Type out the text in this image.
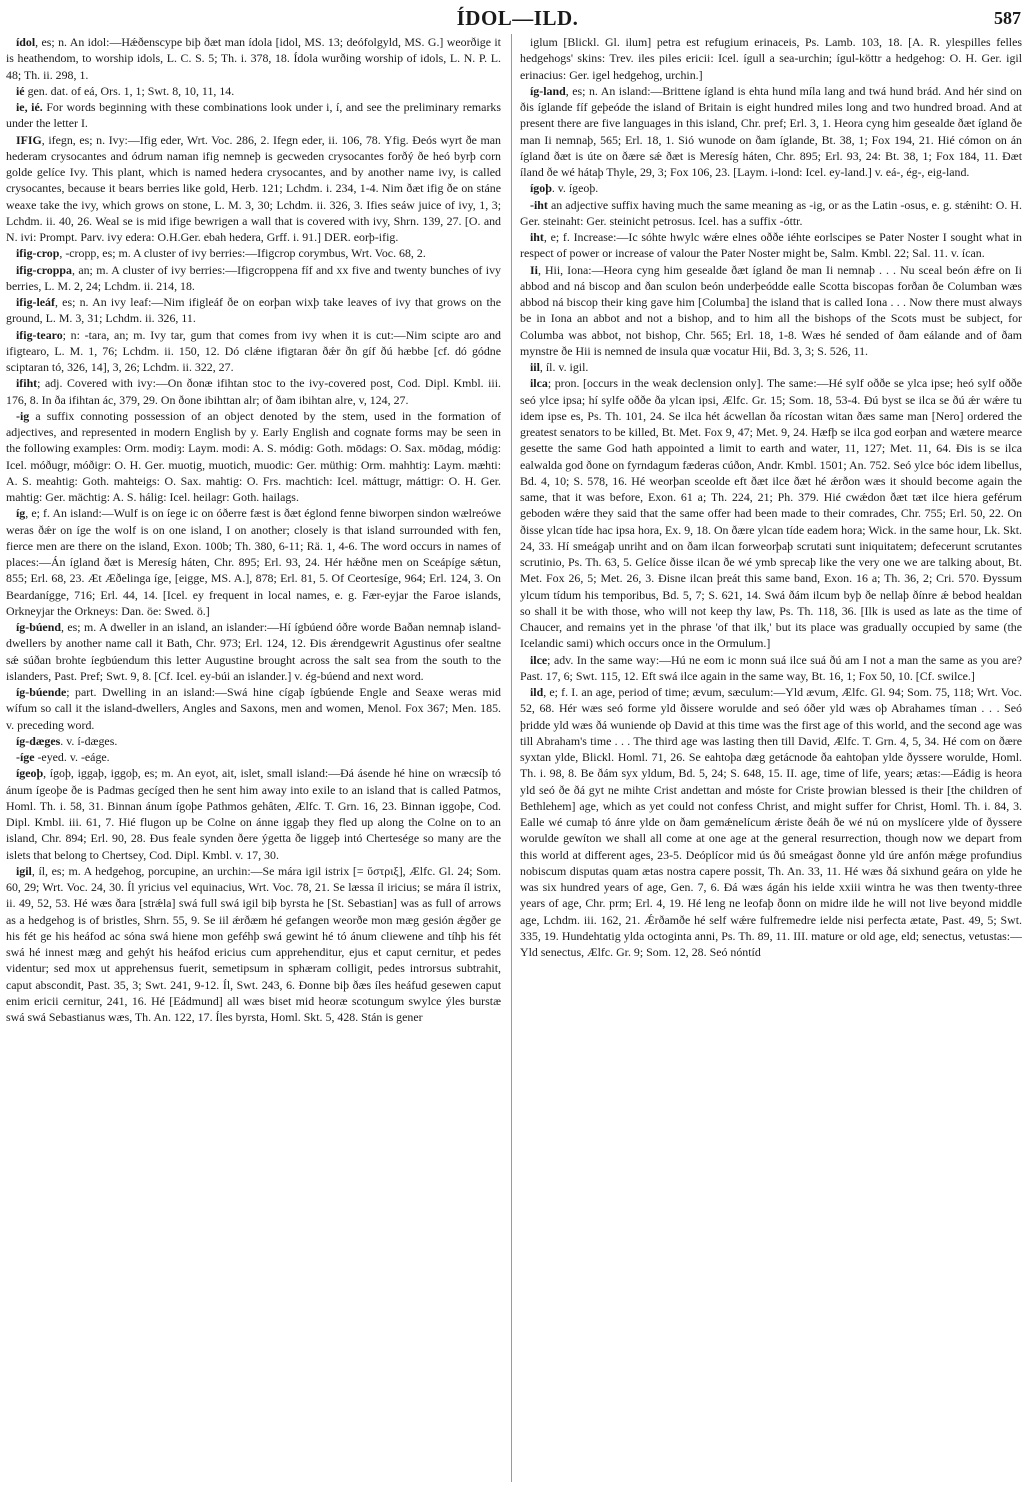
ÍDOL—ILD.	587

ídol, es; n. An idol:—Hǽðenscype biþ ðæt man ídola [idol, MS. 13; deófolgyld, MS. G.] weorðige it is heathendom, to worship idols, L. C. S. 5; Th. i. 378, 18. Ídola wurðing worship of idols, L. N. P. L. 48; Th. ii. 298, 1.

ié gen. dat. of eá, Ors. 1, 1; Swt. 8, 10, 11, 14.

ie, ié. For words beginning with these combinations look under i, í, and see the preliminary remarks under the letter I.

IFIG, ifegn, es; n. Ivy:—Ifig eder, Wrt. Voc. 286, 2. Ifegn eder, ii. 106, 78. Yfig. Ðeós wyrt ðe man hederam crysocantes and ódrum naman ifig nemneþ is gecweden crysocantes forðý ðe heó byrþ corn golde gelíce Ivy. This plant, which is named hedera crysocantes, and by another name ivy, is called crysocantes, because it bears berries like gold, Herb. 121; Lchdm. i. 234, 1-4. Nim ðæt ifig ðe on stáne weaxe take the ivy, which grows on stone, L. M. 3, 30; Lchdm. ii. 326, 3. Ifies seáw juice of ivy, 1, 3; Lchdm. ii. 40, 26. Weal se is mid ifige bewrigen a wall that is covered with ivy, Shrn. 139, 27. [O. and N. ivi: Prompt. Parv. ivy edera: O.H.Ger. ebah hedera, Grff. i. 91.] DER. eorþ-ifig.

ifig-crop, -cropp, es; m. A cluster of ivy berries:—Ifigcrop corymbus, Wrt. Voc. 68, 2.

ifig-croppa, an; m. A cluster of ivy berries:—Ifigcroppena fíf and xx five and twenty bunches of ivy berries, L. M. 2, 24; Lchdm. ii. 214, 18.

ifig-leáf, es; n. An ivy leaf:—Nim ifigleáf ðe on eorþan wixþ take leaves of ivy that grows on the ground, L. M. 3, 31; Lchdm. ii. 326, 11.

ifig-tearo; n: -tara, an; m. Ivy tar, gum that comes from ivy when it is cut:—Nim scipte aro and ifigtearo, L. M. 1, 76; Lchdm. ii. 150, 12. Dó clǽne ifigtaran ðǽr ðn gíf ðú hæbbe [cf. dó gódne sciptaran tó, 326, 14], 3, 26; Lchdm. ii. 322, 27.

ifiht; adj. Covered with ivy:—On ðonæ ifihtan stoc to the ivy-covered post, Cod. Dipl. Kmbl. iii. 176, 8. In ða ifihtan ác, 379, 29. On ðone ibihttan alr; of ðam ibihtan alre, v, 124, 27.

-ig a suffix connoting possession of an object denoted by the stem, used in the formation of adjectives, and represented in modern English by y. Early English and cognate forms may be seen in the following examples: Orm. modiȝ: Laym. modi: A. S. módig: Goth. mōdags: O. Sax. mōdag, módig: Icel. móðugr, móðigr: O. H. Ger. muotig, muotich, muodic: Ger. müthig: Orm. mahhtiȝ: Laym. mæhti: A. S. meahtig: Goth. mahteigs: O. Sax. mahtig: O. Frs. machtich: Icel. máttugr, máttigr: O. H. Ger. mahtig: Ger. mächtig: A. S. hálig: Icel. heilagr: Goth. hailags.

íg, e; f. An island:—Wulf is on íege ic on óðerre fæst is ðæt églond fenne biworpen sindon wælreówe weras ðǽr on íge the wolf is on one island, I on another; closely is that island surrounded with fen, fierce men are there on the island, Exon. 100b; Th. 380, 6-11; Rä. 1, 4-6. The word occurs in names of places:—Án ígland ðæt is Meresíg háten, Chr. 895; Erl. 93, 24. Hér hǽðne men on Sceápíge sǽtun, 855; Erl. 68, 23. Æt Æðelinga íge, [eigge, MS. A.], 878; Erl. 81, 5. Of Ceortesíge, 964; Erl. 124, 3. On Beardanígge, 716; Erl. 44, 14. [Icel. ey frequent in local names, e. g. Fær-eyjar the Faroe islands, Orkneyjar the Orkneys: Dan. öe: Swed. ö.]

íg-búend, es; m. A dweller in an island, an islander:—Hí ígbúend óðre worde Baðan nemnaþ island-dwellers by another name call it Bath, Chr. 973; Erl. 124, 12. Ðis ǽrendgewrit Agustinus ofer sealtne sǽ súðan brohte íegbúendum this letter Augustine brought across the salt sea from the south to the islanders, Past. Pref; Swt. 9, 8. [Cf. Icel. ey-búi an islander.] v. ég-búend and next word.

íg-búende; part. Dwelling in an island:—Swá hine cígaþ ígbúende Engle and Seaxe weras mid wífum so call it the island-dwellers, Angles and Saxons, men and women, Menol. Fox 367; Men. 185. v. preceding word.

íg-dæges. v. í-dæges.

-íge -eyed. v. -eáge.

ígeoþ, ígoþ, iggaþ, iggoþ, es; m. An eyot, ait, islet, small island:—Ðá ásende hé hine on wræcsíþ tó ánum ígeoþe ðe is Padmas gecíged then he sent him away into exile to an island that is called Patmos, Homl. Th. i. 58, 31. Binnan ánum ígoþe Pathmos gehâten, Ælfc. T. Grn. 16, 23. Binnan iggoþe, Cod. Dipl. Kmbl. iii. 61, 7. Hié flugon up be Colne on ánne iggaþ they fled up along the Colne on to an island, Chr. 894; Erl. 90, 28. Ðus feale synden ðere ýgetta ðe liggeþ intó Chertesége so many are the islets that belong to Chertsey, Cod. Dipl. Kmbl. v. 17, 30.

igil, íl, es; m. A hedgehog, porcupine, an urchin:—Se mára igil istrix [= ὕστριξ], Ælfc. Gl. 24; Som. 60, 29; Wrt. Voc. 24, 30. Íl yricius vel equinacius, Wrt. Voc. 78, 21. Se læssa íl iricius; se mára íl istrix, ii. 49, 52, 53. Hé wæs ðara [strǽla] swá full swá igil biþ byrsta he [St. Sebastian] was as full of arrows as a hedgehog is of bristles, Shrn. 55, 9. Se iil ǽrðæm hé gefangen weorðe mon mæg gesión ǽgðer ge his fét ge his heáfod ac sóna swá hiene mon geféhþ swá gewint hé tó ánum cliewene and tíhþ his fét swá hé innest mæg and gehýt his heáfod ericius cum apprehenditur, ejus et caput cernitur, et pedes videntur; sed mox ut apprehensus fuerit, semetipsum in sphæram colligit, pedes introrsus subtrahit, caput abscondit, Past. 35, 3; Swt. 241, 9-12. Íl, Swt. 243, 6. Ðonne biþ ðæs íles heáfud gesewen caput enim ericii cernitur, 241, 16. Hé [Eádmund] all wæs biset mid heoræ scotungum swylce ýles burstæ swá swá Sebastianus wæs, Th. An. 122, 17. Íles byrsta, Homl. Skt. 5, 428. Stán is gener

iglum [Blickl. Gl. ilum] petra est refugium erinaceis, Ps. Lamb. 103, 18. [A. R. ylespilles felles hedgehogs' skins: Trev. iles piles ericii: Icel. ígull a sea-urchin; ígul-köttr a hedgehog: O. H. Ger. igil erinacius: Ger. igel hedgehog, urchin.]

íg-land, es; n. An island:—Brittene ígland is ehta hund míla lang and twá hund brád. And hér sind on ðis íglande fíf geþeóde the island of Britain is eight hundred miles long and two hundred broad. And at present there are five languages in this island, Chr. pref; Erl. 3, 1. Heora cyng him gesealde ðæt ígland ðe man Ii nemnaþ, 565; Erl. 18, 1. Sió wunode on ðam íglande, Bt. 38, 1; Fox 194, 21. Hié cómon on án ígland ðæt is úte on ðære sǽ ðæt is Meresíg háten, Chr. 895; Erl. 93, 24: Bt. 38, 1; Fox 184, 11. Ðæt íland ðe wé hátaþ Thyle, 29, 3; Fox 106, 23. [Laym. i-lond: Icel. ey-land.] v. eá-, ég-, eig-land.

ígoþ. v. ígeoþ.

-iht an adjective suffix having much the same meaning as -ig, or as the Latin -osus, e. g. stǽniht: O. H. Ger. steinaht: Ger. steinicht petrosus. Icel. has a suffix -óttr.

iht, e; f. Increase:—Ic sóhte hwylc wǽre elnes oððe iéhte eorlscipes se Pater Noster I sought what in respect of power or increase of valour the Pater Noster might be, Salm. Kmbl. 22; Sal. 11. v. ícan.

Ii, Hii, Iona:—Heora cyng him gesealde ðæt ígland ðe man Ii nemnaþ . . . Nu sceal beón ǽfre on Ii abbod and ná biscop and ðan sculon beón underþeódde ealle Scotta biscopas forðan ðe Columban wæs abbod ná biscop their king gave him [Columba] the island that is called Iona . . . Now there must always be in Iona an abbot and not a bishop, and to him all the bishops of the Scots must be subject, for Columba was abbot, not bishop, Chr. 565; Erl. 18, 1-8. Wæs hé sended of ðam eálande and of ðam mynstre ðe Hii is nemned de insula quæ vocatur Hii, Bd. 3, 3; S. 526, 11.

iil, íl. v. igil.

ilca; pron. [occurs in the weak declension only]. The same:—Hé sylf oððe se ylca ipse; heó sylf oððe seó ylce ipsa; hí sylfe oððe ða ylcan ipsi, Ælfc. Gr. 15; Som. 18, 53-4. Ðú byst se ilca se ðú ǽr wǽre tu idem ipse es, Ps. Th. 101, 24. Se ilca hét ácwellan ða rícostan witan ðæs same man [Nero] ordered the greatest senators to be killed, Bt. Met. Fox 9, 47; Met. 9, 24. Hæfþ se ilca god eorþan and wætere mearce gesette the same God hath appointed a limit to earth and water, 11, 127; Met. 11, 64. Ðis is se ilca ealwalda god ðone on fyrndagum fæderas cúðon, Andr. Kmbl. 1501; An. 752. Seó ylce bóc idem libellus, Bd. 4, 10; S. 578, 16. Hé weorþan sceolde eft ðæt ilce ðæt hé ǽrðon wæs it should become again the same, that it was before, Exon. 61 a; Th. 224, 21; Ph. 379. Hié cwǽdon ðæt tæt ilce hiera geférum geboden wǽre they said that the same offer had been made to their comrades, Chr. 755; Erl. 50, 22. On ðisse ylcan tíde hac ipsa hora, Ex. 9, 18. On ðære ylcan tíde eadem hora; Wick. in the same hour, Lk. Skt. 24, 33. Hí smeágaþ unriht and on ðam ilcan forweorþaþ scrutati sunt iniquitatem; defecerunt scrutantes scrutinio, Ps. Th. 63, 5. Gelíce ðisse ilcan ðe wé ymb sprecaþ like the very one we are talking about, Bt. Met. Fox 26, 5; Met. 26, 3. Ðisne ilcan þreát this same band, Exon. 16 a; Th. 36, 2; Cri. 570. Ðyssum ylcum tídum his temporibus, Bd. 5, 7; S. 621, 14. Swá ðám ilcum byþ ðe nellaþ ðínre ǽ bebod healdan so shall it be with those, who will not keep thy law, Ps. Th. 118, 36. [Ilk is used as late as the time of Chaucer, and remains yet in the phrase 'of that ilk,' but its place was gradually occupied by same (the Icelandic sami) which occurs once in the Ormulum.]

ilce; adv. In the same way:—Hú ne eom ic monn suá ilce suá ðú am I not a man the same as you are? Past. 17, 6; Swt. 115, 12. Eft swá ilce again in the same way, Bt. 16, 1; Fox 50, 10. [Cf. swilce.]

ild, e; f. I. an age, period of time; ævum, sæculum:—Yld ævum, Ælfc. Gl. 94; Som. 75, 118; Wrt. Voc. 52, 68. Hér wæs seó forme yld ðissere woruldе and seó óðer yld wæs oþ Abrahames tíman . . . Seó þridde yld wæs ðá wuniende oþ David at this time was the first age of this world, and the second age was till Abraham's time . . . The third age was lasting then till David, Ælfc. T. Grn. 4, 5, 34. Hé com on ðære syxtan ylde, Blickl. Homl. 71, 26. Se eahtoþa dæg getácnode ða eahtoþan ylde ðyssere worulde, Homl. Th. i. 98, 8. Be ðám syx yldum, Bd. 5, 24; S. 648, 15. II. age, time of life, years; ætas:—Eádig is heora yld seó ðe ðá gyt ne mihte Crist andettan and móste for Criste þrowian blessed is their [the children of Bethlehem] age, which as yet could not confess Christ, and might suffer for Christ, Homl. Th. i. 84, 3. Ealle wé cumaþ tó ánre ylde on ðam gemǽnelícum ǽriste ðeáh ðe wé nú on myslícere ylde of ðyssere worulde gewíton we shall all come at one age at the general resurrection, though now we depart from this world at different ages, 23-5. Deóplícor mid ús ðú smeágast ðonne yld úre anfón mǽge profundius nobiscum disputas quam ætas nostra capere possit, Th. An. 33, 11. Hé wæs ðá sixhund geára on ylde he was six hundred years of age, Gen. 7, 6. Ðá wæs ágán his ielde xxiii wintra he was then twenty-three years of age, Chr. prm; Erl. 4, 19. Hé leng ne leofaþ ðonn on midre ilde he will not live beyond middle age, Lchdm. iii. 162, 21. Ǽrðamðe hé self wǽre fulfremedre ielde nisi perfecta ætate, Past. 49, 5; Swt. 335, 19. Hundehtatig ylda octoginta anni, Ps. Th. 89, 11. III. mature or old age, eld; senectus, vetustas:—Yld senectus, Ælfc. Gr. 9; Som. 12, 28. Seó nóntíd
